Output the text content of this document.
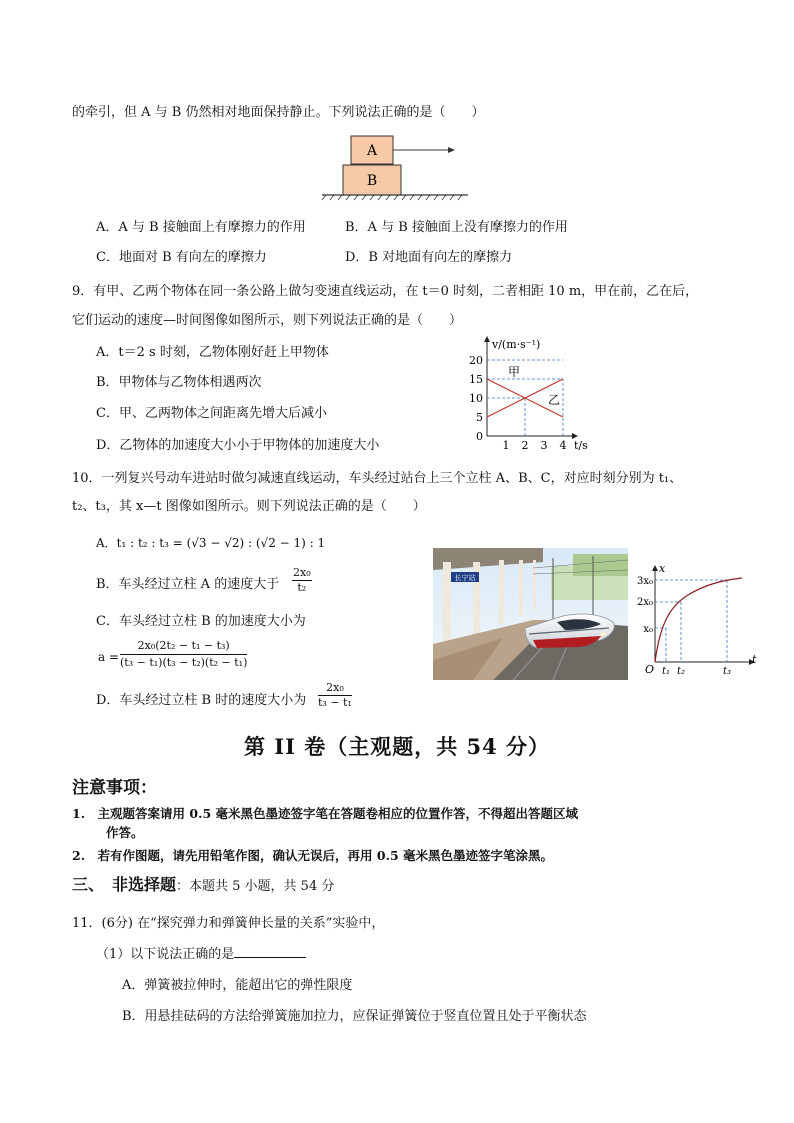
的牵引，但 A 与 B 仍然相对地面保持静止。下列说法正确的是（　　）
A
B
A．A 与 B 接触面上有摩擦力的作用	B．A 与 B 接触面上没有摩擦力的作用
C．地面对 B 有向左的摩擦力	D．B 对地面有向左的摩擦力
9．有甲、乙两个物体在同一条公路上做匀变速直线运动，在 t＝0 时刻，二者相距 10 m，甲在前，乙在后，
它们运动的速度—时间图像如图所示，则下列说法正确的是（　　）
A．t＝2 s 时刻，乙物体刚好赶上甲物体
B．甲物体与乙物体相遇两次
C．甲、乙两物体之间距离先增大后减小
D．乙物体的加速度大小小于甲物体的加速度大小
v/(m·s⁻¹)
t/s
20
15
10
5
0
1 2 3 4
甲
乙
10．一列复兴号动车进站时做匀减速直线运动，车头经过站台上三个立柱 A、B、C，对应时刻分别为 t₁、
t₂、t₃，其 x—t 图像如图所示。则下列说法正确的是（　　）
A．t₁ : t₂ : t₃ = (√3 − √2) : (√2 − 1) : 1
B．车头经过立柱 A 的速度大于 $\frac{\text{2x₀}}{\text{t₂}}$
C．车头经过立柱 B 的加速度大小为
$a = \frac{\text{2x₀(2t₂ − t₁ − t₃)}}{\text{(t₃ − t₁)(t₃ − t₂)(t₂ − t₁)}}$
D．车头经过立柱 B 时的速度大小为 $\frac{\text{2x₀}}{\text{t₃ − t₁}}$
长宁站
x
t
O
3x₀
2x₀
x₀
t₁ t₂	t₃
第 II 卷（主观题，共 54 分）
注意事项：
1.　主观题答案请用 0.5 毫米黑色墨迹签字笔在答题卷相应的位置作答，不得超出答题区域
作答。
2.　若有作图题，请先用铅笔作图，确认无误后，再用 0.5 毫米黑色墨迹签字笔涂黑。
三、　非选择题：本题共 5 小题，共 54 分
11．(6分) 在“探究弹力和弹簧伸长量的关系”实验中，
（1）以下说法正确的是
A．弹簧被拉伸时，能超出它的弹性限度
B．用悬挂砝码的方法给弹簧施加拉力，应保证弹簧位于竖直位置且处于平衡状态
